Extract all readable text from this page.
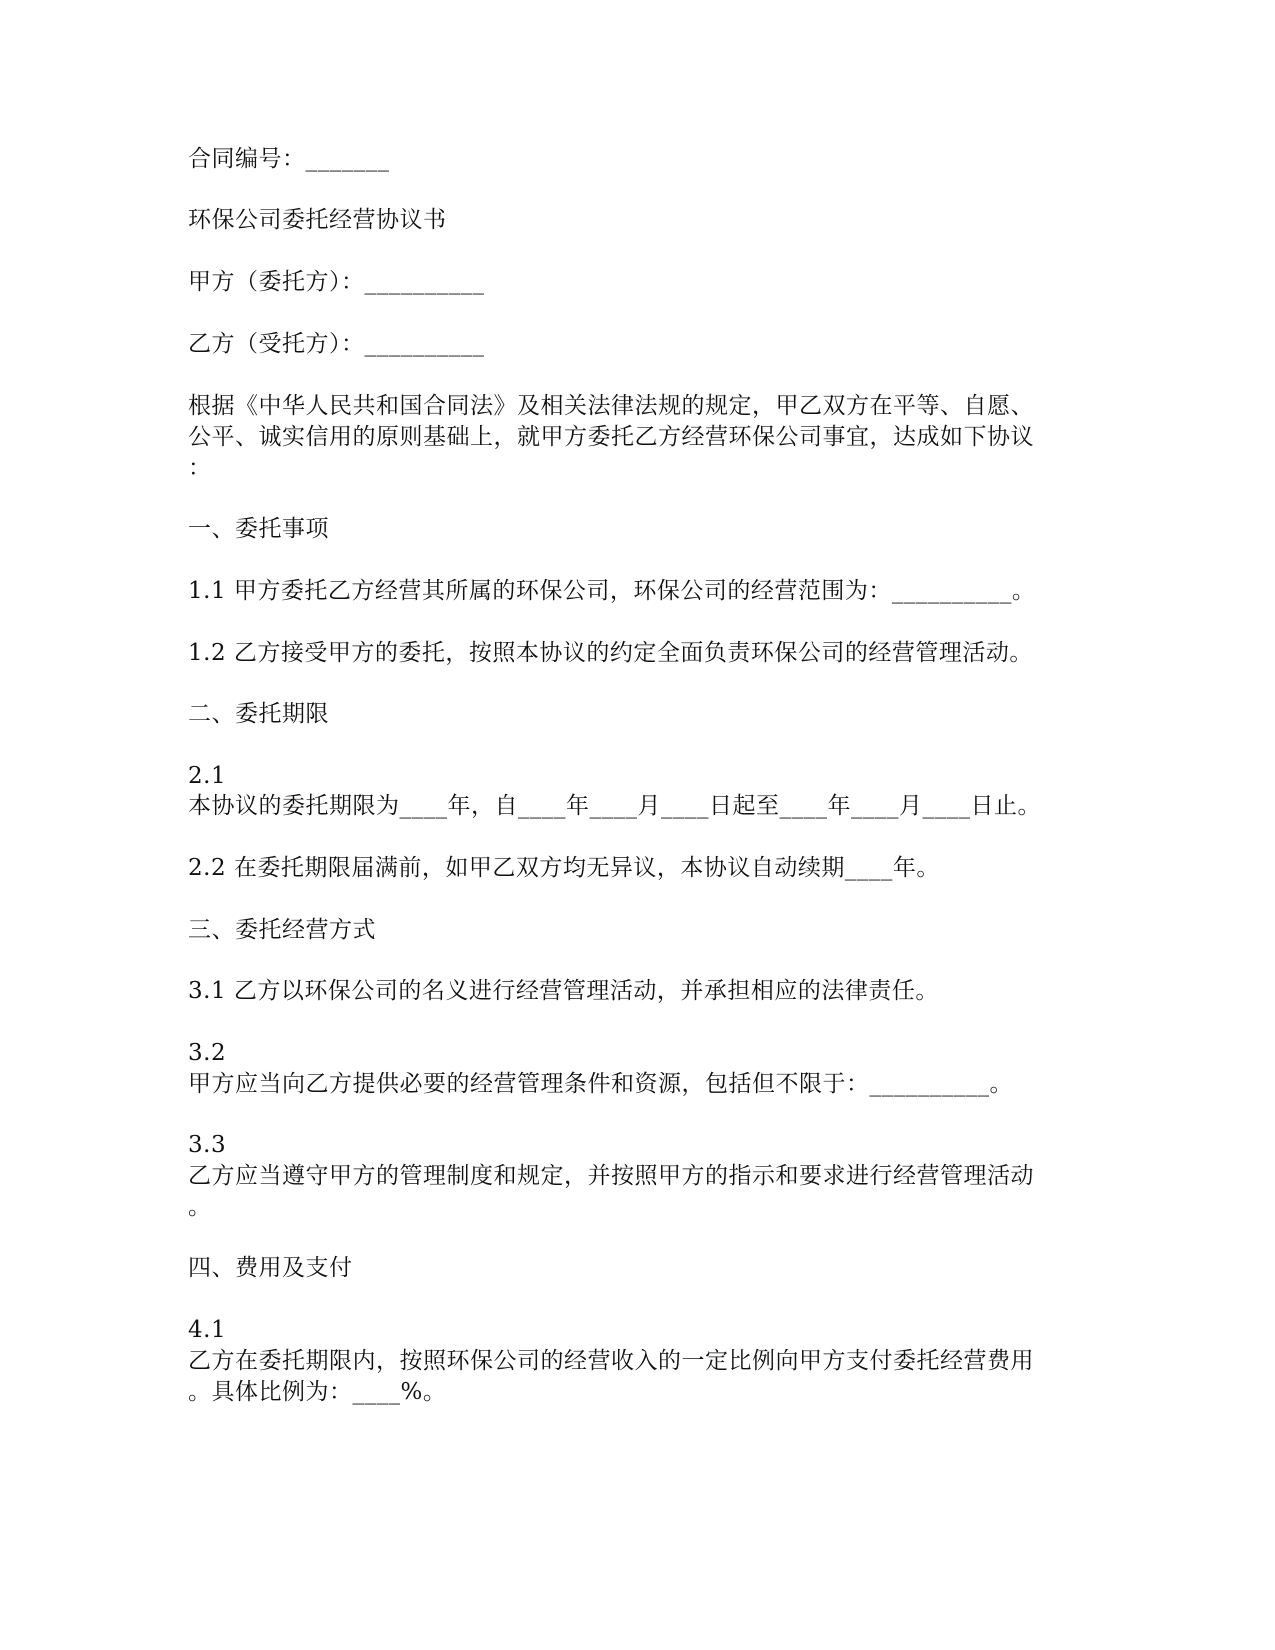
合同编号：_______
环保公司委托经营协议书
甲方（委托方）：__________
乙方（受托方）：__________
根据《中华人民共和国合同法》及相关法律法规的规定，甲乙双方在平等、自愿、
公平、诚实信用的原则基础上，就甲方委托乙方经营环保公司事宜，达成如下协议
：
一、委托事项
1.1 甲方委托乙方经营其所属的环保公司，环保公司的经营范围为：__________。
1.2 乙方接受甲方的委托，按照本协议的约定全面负责环保公司的经营管理活动。
二、委托期限
2.1
本协议的委托期限为____年，自____年____月____日起至____年____月____日止。
2.2 在委托期限届满前，如甲乙双方均无异议，本协议自动续期____年。
三、委托经营方式
3.1 乙方以环保公司的名义进行经营管理活动，并承担相应的法律责任。
3.2
甲方应当向乙方提供必要的经营管理条件和资源，包括但不限于：__________。
3.3
乙方应当遵守甲方的管理制度和规定，并按照甲方的指示和要求进行经营管理活动
。
四、费用及支付
4.1
乙方在委托期限内，按照环保公司的经营收入的一定比例向甲方支付委托经营费用
。具体比例为：____%。
